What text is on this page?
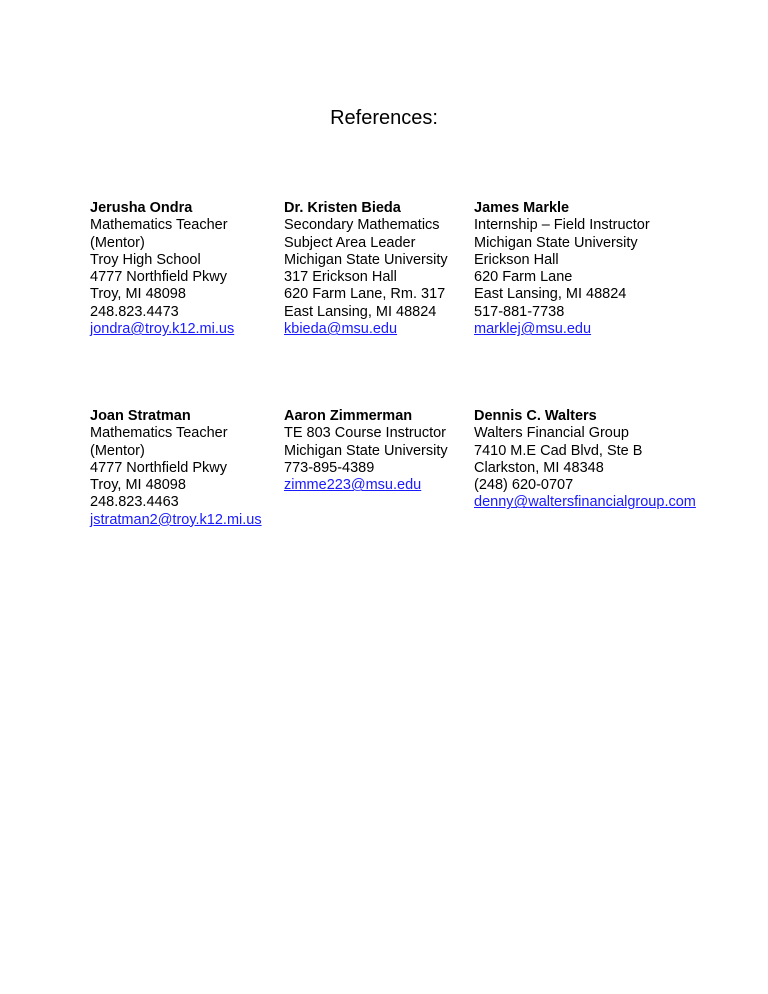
References:
Jerusha Ondra
Mathematics Teacher
(Mentor)
Troy High School
4777 Northfield Pkwy
Troy, MI 48098
248.823.4473
jondra@troy.k12.mi.us
Dr. Kristen Bieda
Secondary Mathematics
Subject Area Leader
Michigan State University
317 Erickson Hall
620 Farm Lane, Rm. 317
East Lansing, MI 48824
kbieda@msu.edu
James Markle
Internship – Field Instructor
Michigan State University
Erickson Hall
620 Farm Lane
East Lansing, MI 48824
517-881-7738
marklej@msu.edu
Joan Stratman
Mathematics Teacher
(Mentor)
4777 Northfield Pkwy
Troy, MI 48098
248.823.4463
jstratman2@troy.k12.mi.us
Aaron Zimmerman
TE 803 Course Instructor
Michigan State University
773-895-4389
zimme223@msu.edu
Dennis C. Walters
Walters Financial Group
7410 M.E Cad Blvd, Ste B
Clarkston, MI 48348
(248) 620-0707
denny@waltersfinancialgroup.com
